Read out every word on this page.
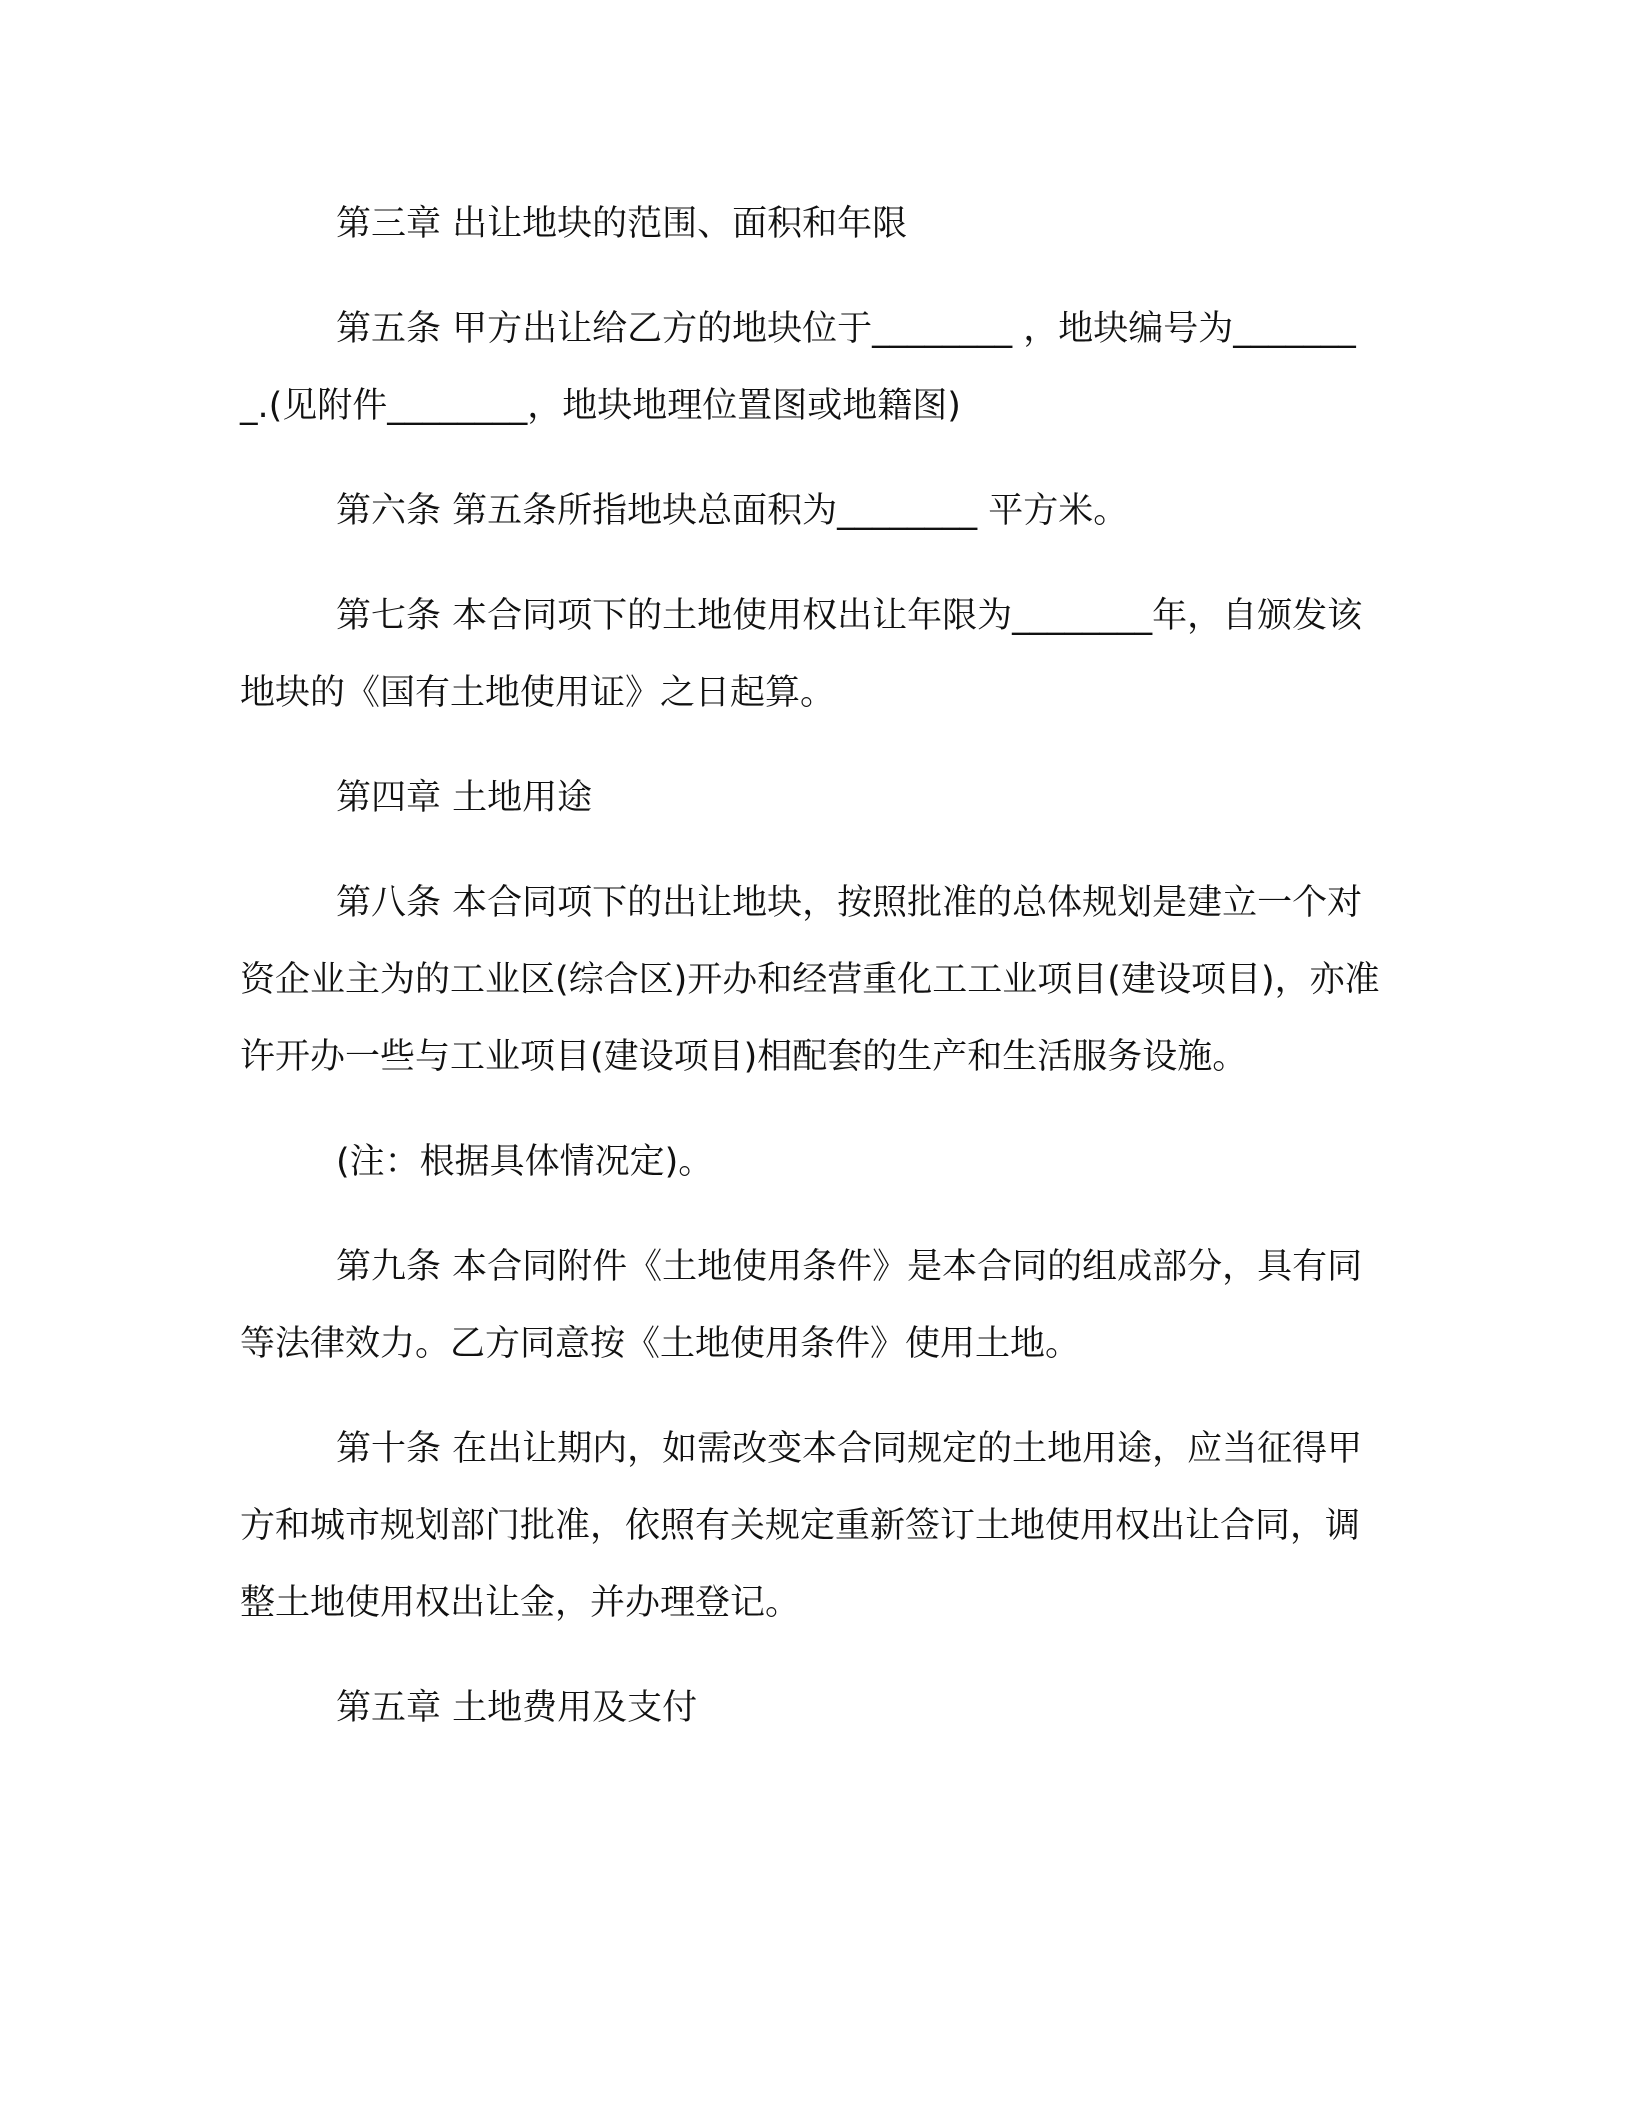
第三章 出让地块的范围、面积和年限

第五条 甲方出让给乙方的地块位于________ ，地块编号为________.(见附件________，地块地理位置图或地籍图)

第六条 第五条所指地块总面积为________ 平方米。

第七条 本合同项下的土地使用权出让年限为________年，自颁发该地块的《国有土地使用证》之日起算。

第四章 土地用途

第八条 本合同项下的出让地块，按照批准的总体规划是建立一个对资企业主为的工业区(综合区)开办和经营重化工工业项目(建设项目)，亦准许开办一些与工业项目(建设项目)相配套的生产和生活服务设施。

(注：根据具体情况定)。

第九条 本合同附件《土地使用条件》是本合同的组成部分，具有同等法律效力。乙方同意按《土地使用条件》使用土地。

第十条 在出让期内，如需改变本合同规定的土地用途，应当征得甲方和城市规划部门批准，依照有关规定重新签订土地使用权出让合同，调整土地使用权出让金，并办理登记。

第五章 土地费用及支付
